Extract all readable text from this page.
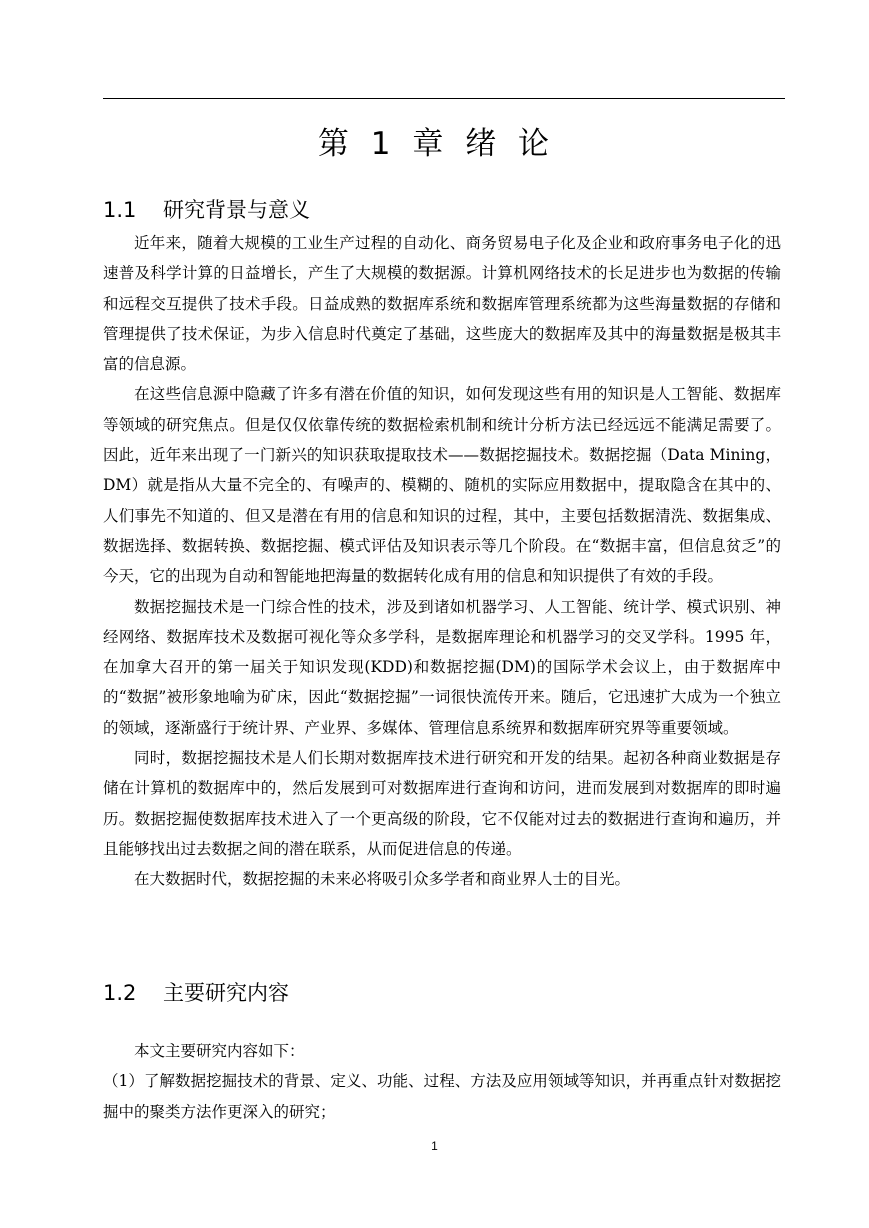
第 1 章 绪 论
1.1 研究背景与意义

近年来，随着大规模的工业生产过程的自动化、商务贸易电子化及企业和政府事务电子化的迅速普及科学计算的日益增长，产生了大规模的数据源。计算机网络技术的长足进步也为数据的传输和远程交互提供了技术手段。日益成熟的数据库系统和数据库管理系统都为这些海量数据的存储和管理提供了技术保证，为步入信息时代奠定了基础，这些庞大的数据库及其中的海量数据是极其丰富的信息源。

在这些信息源中隐藏了许多有潜在价值的知识，如何发现这些有用的知识是人工智能、数据库等领域的研究焦点。但是仅仅依靠传统的数据检索机制和统计分析方法已经远远不能满足需要了。因此，近年来出现了一门新兴的知识获取提取技术——数据挖掘技术。数据挖掘（Data Mining，DM）就是指从大量不完全的、有噪声的、模糊的、随机的实际应用数据中，提取隐含在其中的、人们事先不知道的、但又是潜在有用的信息和知识的过程，其中，主要包括数据清洗、数据集成、数据选择、数据转换、数据挖掘、模式评估及知识表示等几个阶段。在“数据丰富，但信息贫乏”的今天，它的出现为自动和智能地把海量的数据转化成有用的信息和知识提供了有效的手段。

数据挖掘技术是一门综合性的技术，涉及到诸如机器学习、人工智能、统计学、模式识别、神经网络、数据库技术及数据可视化等众多学科，是数据库理论和机器学习的交叉学科。1995 年，在加拿大召开的第一届关于知识发现(KDD)和数据挖掘(DM)的国际学术会议上，由于数据库中的“数据”被形象地喻为矿床，因此“数据挖掘”一词很快流传开来。随后，它迅速扩大成为一个独立的领域，逐渐盛行于统计界、产业界、多媒体、管理信息系统界和数据库研究界等重要领域。

同时，数据挖掘技术是人们长期对数据库技术进行研究和开发的结果。起初各种商业数据是存储在计算机的数据库中的，然后发展到可对数据库进行查询和访问，进而发展到对数据库的即时遍历。数据挖掘使数据库技术进入了一个更高级的阶段，它不仅能对过去的数据进行查询和遍历，并且能够找出过去数据之间的潜在联系，从而促进信息的传递。

在大数据时代，数据挖掘的未来必将吸引众多学者和商业界人士的目光。

1.2 主要研究内容

本文主要研究内容如下：

（1）了解数据挖掘技术的背景、定义、功能、过程、方法及应用领域等知识，并再重点针对数据挖掘中的聚类方法作更深入的研究；

1
